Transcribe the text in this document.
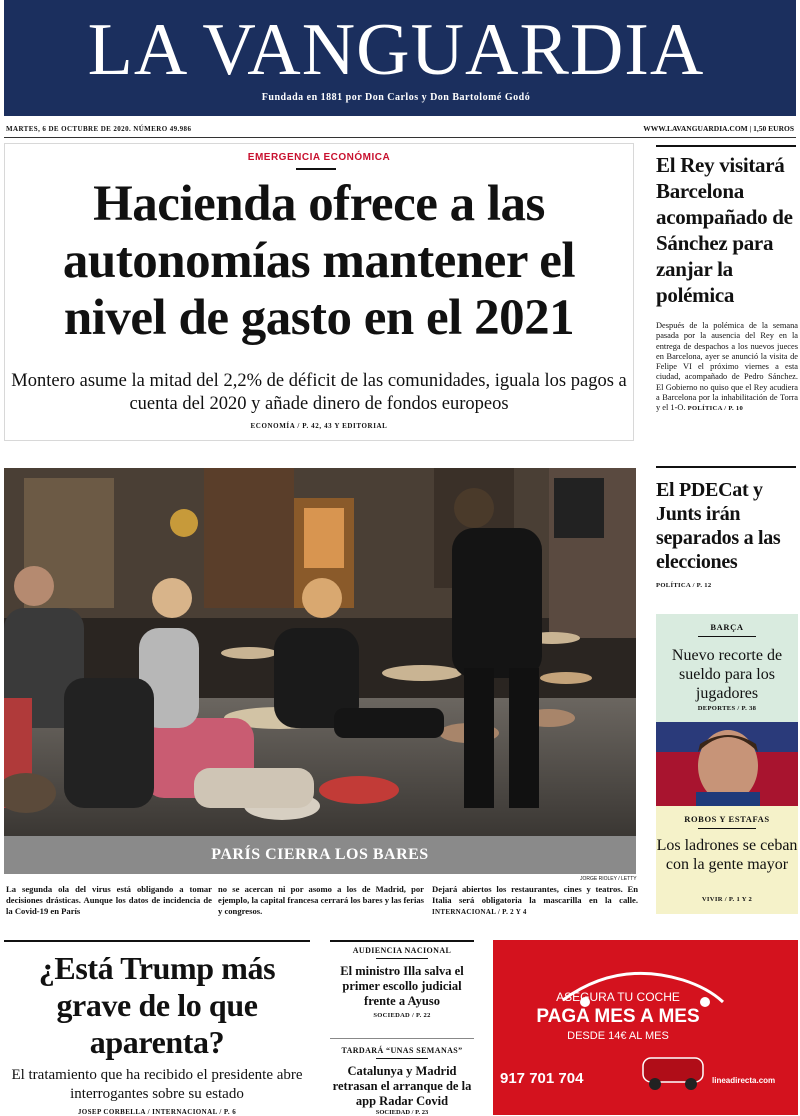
LA VANGUARDIA
Fundada en 1881 por Don Carlos y Don Bartolomé Godó
MARTES, 6 DE OCTUBRE DE 2020. NÚMERO 49.986	WWW.LAVANGUARDIA.COM | 1,50 EUROS
EMERGENCIA ECONÓMICA
Hacienda ofrece a las autonomías mantener el nivel de gasto en el 2021
Montero asume la mitad del 2,2% de déficit de las comunidades, iguala los pagos a cuenta del 2020 y añade dinero de fondos europeos
ECONOMÍA / P. 42, 43 Y EDITORIAL
El Rey visitará Barcelona acompañado de Sánchez para zanjar la polémica
Después de la polémica de la semana pasada por la ausencia del Rey en la entrega de despachos a los nuevos jueces en Barcelona, ayer se anunció la visita de Felipe VI el próximo viernes a esta ciudad, acompañado de Pedro Sánchez. El Gobierno no quiso que el Rey acudiera a Barcelona por la inhabilitación de Torra y el 1-O. POLÍTICA / P. 10
El PDECat y Junts irán separados a las elecciones
POLÍTICA / P. 12
PARÍS CIERRA LOS BARES
JORGE RIOLEY / LETTY
La segunda ola del virus está obligando a tomar decisiones drásticas. Aunque los datos de incidencia de la Covid-19 en París
no se acercan ni por asomo a los de Madrid, por ejemplo, la capital francesa cerrará los bares y las ferias y congresos.
Dejará abiertos los restaurantes, cines y teatros. En Italia será obligatoria la mascarilla en la calle. INTERNACIONAL / P. 2 Y 4
BARÇA
Nuevo recorte de sueldo para los jugadores
DEPORTES / P. 38
ROBOS Y ESTAFAS
Los ladrones se ceban con la gente mayor
VIVIR / P. 1 Y 2
¿Está Trump más grave de lo que aparenta?
El tratamiento que ha recibido el presidente abre interrogantes sobre su estado
JOSEP CORBELLA / INTERNACIONAL / P. 6
AUDIENCIA NACIONAL
El ministro Illa salva el primer escollo judicial frente a Ayuso
SOCIEDAD / P. 22
TARDARÁ “UNAS SEMANAS”
Catalunya y Madrid retrasan el arranque de la app Radar Covid
SOCIEDAD / P. 23
ASEGURA TU COCHE
PAGA MES A MES
DESDE 14€ AL MES
917 701 704	lineadirecta.com
